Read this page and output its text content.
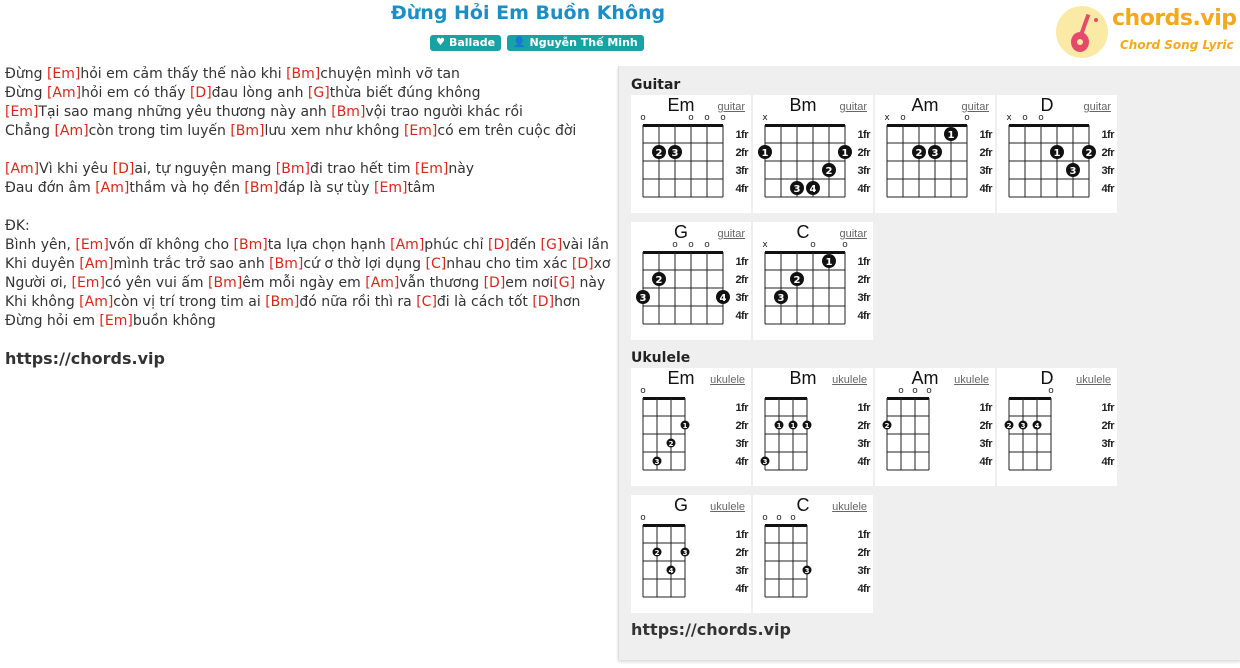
Đừng Hỏi Em Buồn Không
♥ Ballade 👤 Nguyễn Thế Minh
chords.vip
Chord Song Lyric
Đừng [Em]hỏi em cảm thấy thế nào khi [Bm]chuyện mình vỡ tan
Đừng [Am]hỏi em có thấy [D]đau lòng anh [G]thừa biết đúng không
[Em]Tại sao mang những yêu thương này anh [Bm]vội trao người khác rồi
Chẳng [Am]còn trong tim luyến [Bm]lưu xem như không [Em]có em trên cuộc đời
[Am]Vì khi yêu [D]ai, tự nguyện mang [Bm]đi trao hết tim [Em]này
Đau đớn âm [Am]thầm và họ đền [Bm]đáp là sự tùy [Em]tâm
ĐK:
Bình yên, [Em]vốn dĩ không cho [Bm]ta lựa chọn hạnh [Am]phúc chỉ [D]đến [G]vài lần
Khi duyên [Am]mình trắc trở sao anh [Bm]cứ ơ thờ lợi dụng [C]nhau cho tim xác [D]xơ
Người ơi, [Em]có yên vui ấm [Bm]êm mỗi ngày em [Am]vẫn thương [D]em nơi[G] này
Khi không [Am]còn vị trí trong tim ai [Bm]đó nữa rồi thì ra [C]đi là cách tốt [D]hơn
Đừng hỏi em [Em]buồn không
https://chords.vip
Guitar
o	o o o
1fr
2fr
3fr
4fr
2 3
Em	guitar
x
1fr
2fr
3fr
4fr
1	1
2
3 4
Bm	guitar
x o	o
1fr
2fr
3fr
4fr
1
2 3
Am	guitar
x o o
1fr
2fr
3fr
4fr
1	2
3
D	guitar
o o o
1fr
2fr
3fr
4fr
2
3	4
G	guitar
x	o	o
1fr
2fr
3fr
4fr
1
2
3
C	guitar
Ukulele
o
1fr
2fr
3fr
4fr
1
2
3
Em	ukulele
1fr
2fr
3fr
4fr
1 1 1
3
Bm	ukulele
o o o
1fr
2fr
3fr
4fr
2
Am	ukulele
o
1fr
2fr
3fr
4fr
2 3 4
D	ukulele
o
1fr
2fr
3fr
4fr
2	3
4
G	ukulele
o o o
1fr
2fr
3fr
4fr
3
C	ukulele
https://chords.vip
